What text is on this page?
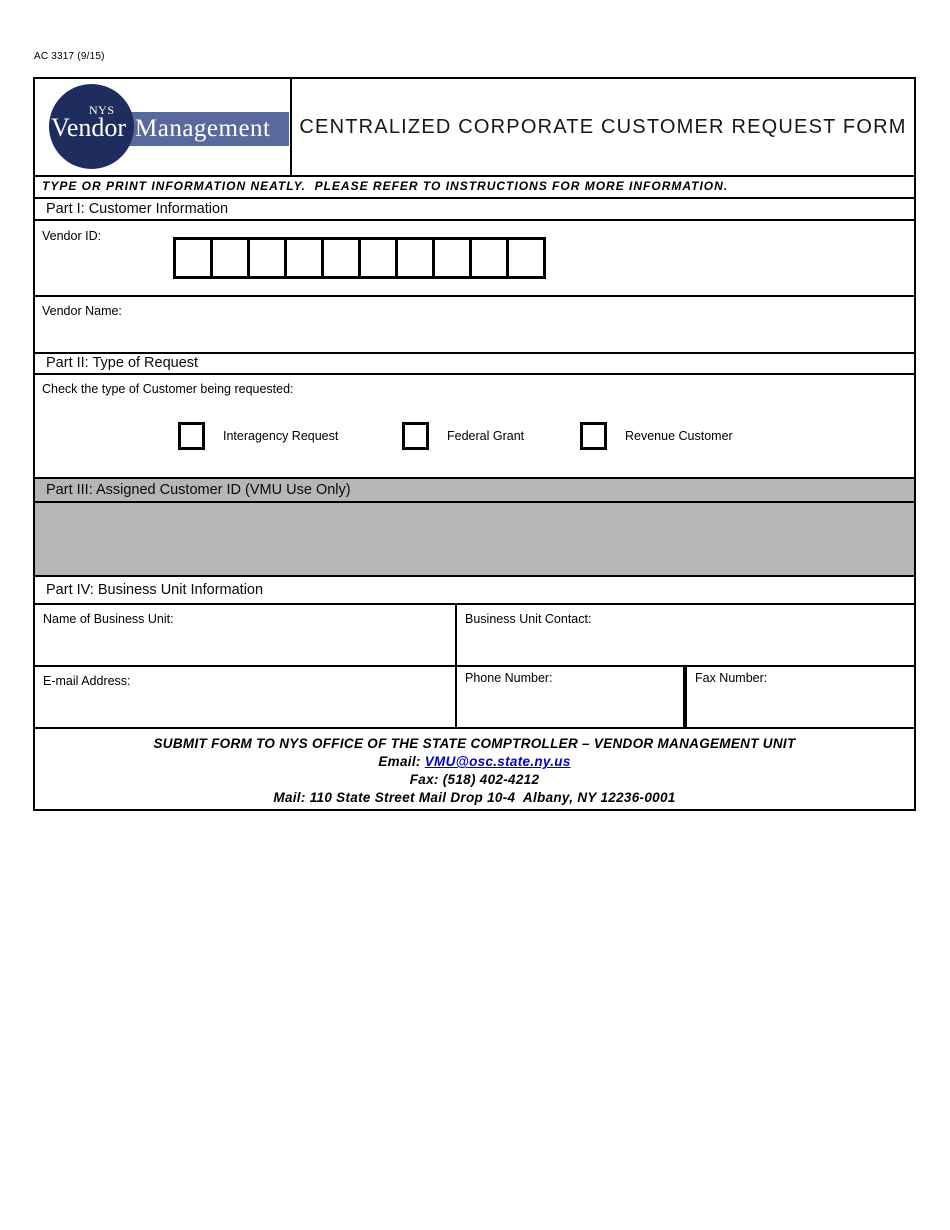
AC 3317 (9/15)
NYS
Vendor Management	CENTRALIZED CORPORATE CUSTOMER REQUEST FORM
TYPE OR PRINT INFORMATION NEATLY.  PLEASE REFER TO INSTRUCTIONS FOR MORE INFORMATION.
Part I: Customer Information
Vendor ID:
Vendor Name:
Part II: Type of Request
Check the type of Customer being requested:
Interagency Request	Federal Grant	Revenue Customer
Part III: Assigned Customer ID (VMU Use Only)
Part IV: Business Unit Information
Name of Business Unit:	Business Unit Contact:
E-mail Address:	Phone Number:	Fax Number:
SUBMIT FORM TO NYS OFFICE OF THE STATE COMPTROLLER – VENDOR MANAGEMENT UNIT
Email: VMU@osc.state.ny.us
Fax: (518) 402-4212
Mail: 110 State Street Mail Drop 10-4  Albany, NY 12236-0001
